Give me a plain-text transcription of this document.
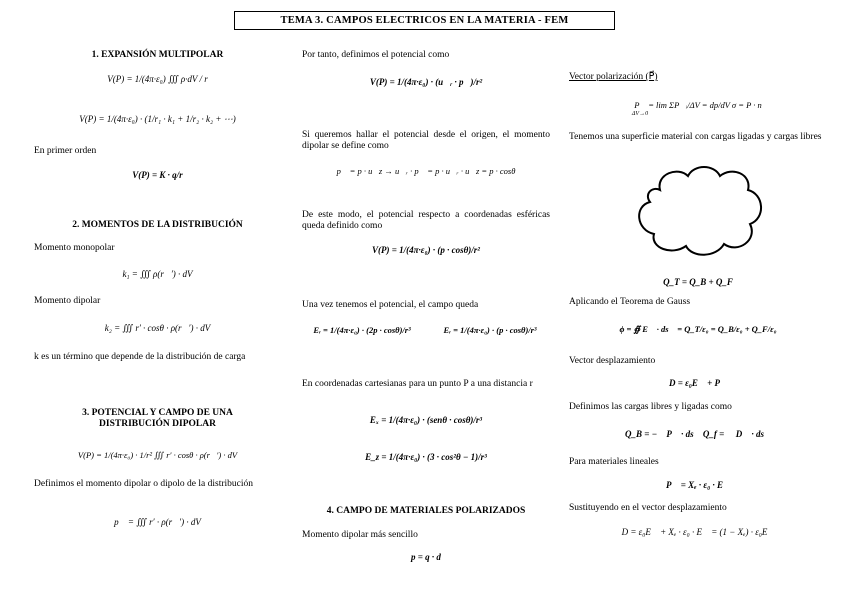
TEMA 3. CAMPOS ELECTRICOS EN LA MATERIA - FEM
1. EXPANSIÓN MULTIPOLAR
V(P) = 1/(4π·ε₀) ∭ ρ·dV / r
V(P) = 1/(4π·ε₀) · (1/r₁ · k₁ + 1/r₂ · k₂ + ⋯)

En primer orden

V(P) = K · q/r
2. MOMENTOS DE LA DISTRIBUCIÓN

Momento monopolar

k₁ = ∭ ρ(r⃗′) · dV

Momento dipolar

k₂ = ∭ r′ · cosθ · ρ(r⃗′) · dV

k es un término que depende de la distribución de carga

3. POTENCIAL Y CAMPO DE UNA DISTRIBUCIÓN DIPOLAR
V(P) = 1/(4π·ε₀) · 1/r² ∭ r′ · cosθ · ρ(r⃗′) · dV

Definimos el momento dipolar o dipolo de la distribución

p⃗ = ∭ r′ · ρ(r⃗′) · dV

Por tanto, definimos el potencial como

V(P) = 1/(4π·ε₀) · (u⃗ᵣ · p⃗)/r²

Si queremos hallar el potencial desde el origen, el momento dipolar se define como

p⃗ = p · u⃗z → u⃗ᵣ · p⃗ = p · u⃗ᵣ · u⃗z = p · cosθ

De este modo, el potencial respecto a coordenadas esféricas queda definido como

V(P) = 1/(4π·ε₀) · (p · cosθ)/r²

Una vez tenemos el potencial, el campo queda

Eᵣ = 1/(4π·ε₀) · (2p · cosθ)/r³	Eᵣ = 1/(4π·ε₀) · (p · cosθ)/r³

En coordenadas cartesianas para un punto P a una distancia r

Eₓ = 1/(4π·ε₀) · (senθ · cosθ)/r³
E_z = 1/(4π·ε₀) · (3 · cos²θ − 1)/r³
4. CAMPO DE MATERIALES POLARIZADOS

Momento dipolar más sencillo

p = q · d

Vector polarización (P⃗)

P⃗ = lim ΣP⃗ᵢ/ΔV = dp/dV σ = P · n
ΔV→0

Tenemos una superficie material con cargas ligadas y cargas libres

Q_T = Q_B + Q_F

Aplicando el Teorema de Gauss

ϕ = ∯ E⃗ · ds⃗ = Q_T/ε₀ = Q_B/ε₀ + Q_F/ε₀

Vector desplazamiento

D = ε₀E⃗ + P⃗

Definimos las cargas libres y ligadas como

Q_B = −∯ P⃗ · ds⃗ Q_f = ∯ D⃗ · ds⃗

Para materiales lineales

P⃗ = Xₑ · ε₀ · E⃗

Sustituyendo en el vector desplazamiento

D = ε₀E⃗ + Xₑ · ε₀ · E⃗ = (1 − Xₑ) · ε₀E⃗
